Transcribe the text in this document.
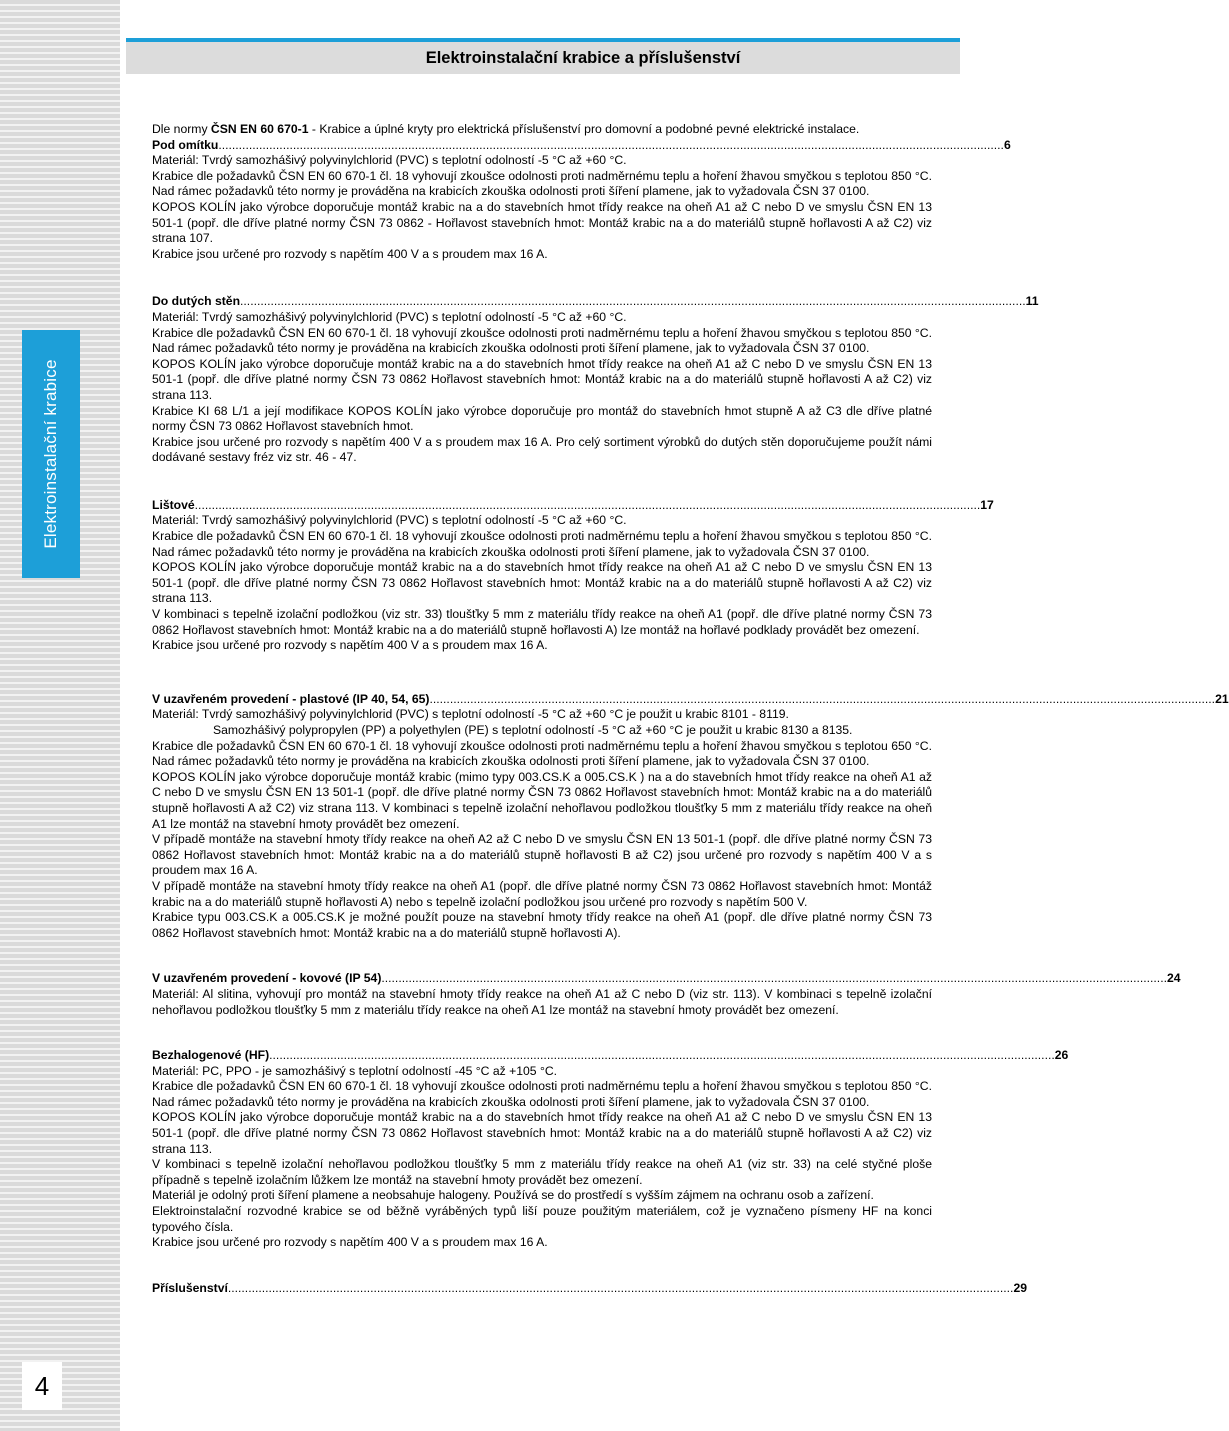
Elektroinstalační krabice
4
Elektroinstalační krabice a příslušenství

Dle normy ČSN EN 60 670-1 - Krabice a úplné kryty pro elektrická příslušenství pro domovní a podobné pevné elektrické instalace.

Pod omítku ........................................................................................................................................................................................................................................ 6

Materiál: Tvrdý samozhášivý polyvinylchlorid (PVC) s teplotní odolností -5 °C až +60 °C.

Krabice dle požadavků ČSN EN 60 670-1 čl. 18 vyhovují zkoušce odolnosti proti nadměrnému teplu a hoření žhavou smyčkou s teplotou 850 °C. Nad rámec požadavků této normy je prováděna na krabicích zkouška odolnosti proti šíření plamene, jak to vyžadovala ČSN 37 0100.

KOPOS KOLÍN jako výrobce doporučuje montáž krabic na a do stavebních hmot třídy reakce na oheň A1 až C nebo D ve smyslu ČSN EN 13 501-1 (popř. dle dříve platné normy ČSN 73 0862 - Hořlavost stavebních hmot: Montáž krabic na a do materiálů stupně hořlavosti A až C2) viz strana 107.

Krabice jsou určené pro rozvody s napětím 400 V a s proudem max 16 A.

Do dutých stěn ........................................................................................................................................................................................................................................ 11

Materiál: Tvrdý samozhášivý polyvinylchlorid (PVC) s teplotní odolností -5 °C až +60 °C.

Krabice dle požadavků ČSN EN 60 670-1 čl. 18 vyhovují zkoušce odolnosti proti nadměrnému teplu a hoření žhavou smyčkou s teplotou 850 °C. Nad rámec požadavků této normy je prováděna na krabicích zkouška odolnosti proti šíření plamene, jak to vyžadovala ČSN 37 0100.

KOPOS KOLÍN jako výrobce doporučuje montáž krabic na a do stavebních hmot třídy reakce na oheň A1 až C nebo D ve smyslu ČSN EN 13 501-1 (popř. dle dříve platné normy ČSN 73 0862 Hořlavost stavebních hmot: Montáž krabic na a do materiálů stupně hořlavosti A až C2) viz strana 113.

Krabice KI 68 L/1 a její modifikace KOPOS KOLÍN jako výrobce doporučuje pro montáž do stavebních hmot stupně A až C3 dle dříve platné normy ČSN 73 0862 Hořlavost stavebních hmot.

Krabice jsou určené pro rozvody s napětím 400 V a s proudem max 16 A. Pro celý sortiment výrobků do dutých stěn doporučujeme použít námi dodávané sestavy fréz viz str. 46 - 47.

Lištové ........................................................................................................................................................................................................................................ 17

Materiál: Tvrdý samozhášivý polyvinylchlorid (PVC) s teplotní odolností -5 °C až +60 °C.

Krabice dle požadavků ČSN EN 60 670-1 čl. 18 vyhovují zkoušce odolnosti proti nadměrnému teplu a hoření žhavou smyčkou s teplotou 850 °C. Nad rámec požadavků této normy je prováděna na krabicích zkouška odolnosti proti šíření plamene, jak to vyžadovala ČSN 37 0100.

KOPOS KOLÍN jako výrobce doporučuje montáž krabic na a do stavebních hmot třídy reakce na oheň A1 až C nebo D ve smyslu ČSN EN 13 501-1 (popř. dle dříve platné normy ČSN 73 0862 Hořlavost stavebních hmot: Montáž krabic na a do materiálů stupně hořlavosti A až C2) viz strana 113.

V kombinaci s tepelně izolační podložkou (viz str. 33) tloušťky 5 mm z materiálu třídy reakce na oheň A1 (popř. dle dříve platné normy ČSN 73 0862 Hořlavost stavebních hmot: Montáž krabic na a do materiálů stupně hořlavosti A) lze montáž na hořlavé podklady provádět bez omezení.

Krabice jsou určené pro rozvody s napětím 400 V a s proudem max 16 A.

V uzavřeném provedení - plastové (IP 40, 54, 65) ........................................................................................................................................................................................................................................ 21

Materiál: Tvrdý samozhášivý polyvinylchlorid (PVC) s teplotní odolností -5 °C až +60 °C je použit u krabic 8101 - 8119.

Samozhášivý polypropylen (PP) a polyethylen (PE) s teplotní odolností -5 °C až +60 °C je použit u krabic 8130 a 8135.

Krabice dle požadavků ČSN EN 60 670-1 čl. 18 vyhovují zkoušce odolnosti proti nadměrnému teplu a hoření žhavou smyčkou s teplotou 650 °C. Nad rámec požadavků této normy je prováděna na krabicích zkouška odolnosti proti šíření plamene, jak to vyžadovala ČSN 37 0100.

KOPOS KOLÍN jako výrobce doporučuje montáž krabic (mimo typy 003.CS.K a 005.CS.K ) na a do stavebních hmot třídy reakce na oheň A1 až C nebo D ve smyslu ČSN EN 13 501-1 (popř. dle dříve platné normy ČSN 73 0862 Hořlavost stavebních hmot: Montáž krabic na a do materiálů stupně hořlavosti A až C2) viz strana 113. V kombinaci s tepelně izolační nehořlavou podložkou tloušťky 5 mm z materiálu třídy reakce na oheň A1 lze montáž na stavební hmoty provádět bez omezení.

V případě montáže na stavební hmoty třídy reakce na oheň A2 až C nebo D ve smyslu ČSN EN 13 501-1 (popř. dle dříve platné normy ČSN 73 0862 Hořlavost stavebních hmot: Montáž krabic na a do materiálů stupně hořlavosti B až C2) jsou určené pro rozvody s napětím 400 V a s proudem max 16 A.

V případě montáže na stavební hmoty třídy reakce na oheň A1 (popř. dle dříve platné normy ČSN 73 0862 Hořlavost stavebních hmot: Montáž krabic na a do materiálů stupně hořlavosti A) nebo s tepelně izolační podložkou jsou určené pro rozvody s napětím 500 V.

Krabice typu 003.CS.K a 005.CS.K je možné použít pouze na stavební hmoty třídy reakce na oheň A1 (popř. dle dříve platné normy ČSN 73 0862 Hořlavost stavebních hmot: Montáž krabic na a do materiálů stupně hořlavosti A).

V uzavřeném provedení - kovové (IP 54) ........................................................................................................................................................................................................................................ 24

Materiál: Al slitina, vyhovují pro montáž na stavební hmoty třídy reakce na oheň A1 až C nebo D (viz str. 113). V kombinaci s tepelně izolační nehořlavou podložkou tloušťky 5 mm z materiálu třídy reakce na oheň A1 lze montáž na stavební hmoty provádět bez omezení.

Bezhalogenové (HF) ........................................................................................................................................................................................................................................ 26

Materiál: PC, PPO - je samozhášivý s teplotní odolností -45 °C až +105 °C.

Krabice dle požadavků ČSN EN 60 670-1 čl. 18 vyhovují zkoušce odolnosti proti nadměrnému teplu a hoření žhavou smyčkou s teplotou 850 °C. Nad rámec požadavků této normy je prováděna na krabicích zkouška odolnosti proti šíření plamene, jak to vyžadovala ČSN 37 0100.

KOPOS KOLÍN jako výrobce doporučuje montáž krabic na a do stavebních hmot třídy reakce na oheň A1 až C nebo D ve smyslu ČSN EN 13 501-1 (popř. dle dříve platné normy ČSN 73 0862 Hořlavost stavebních hmot: Montáž krabic na a do materiálů stupně hořlavosti A až C2) viz strana 113.

V kombinaci s tepelně izolační nehořlavou podložkou tloušťky 5 mm z materiálu třídy reakce na oheň A1 (viz str. 33) na celé styčné ploše případně s tepelně izolačním lůžkem lze montáž na stavební hmoty provádět bez omezení.

Materiál je odolný proti šíření plamene a neobsahuje halogeny. Používá se do prostředí s vyšším zájmem na ochranu osob a zařízení.

Elektroinstalační rozvodné krabice se od běžně vyráběných typů liší pouze použitým materiálem, což je vyznačeno písmeny HF na konci typového čísla.

Krabice jsou určené pro rozvody s napětím 400 V a s proudem max 16 A.

Příslušenství ........................................................................................................................................................................................................................................ 29
